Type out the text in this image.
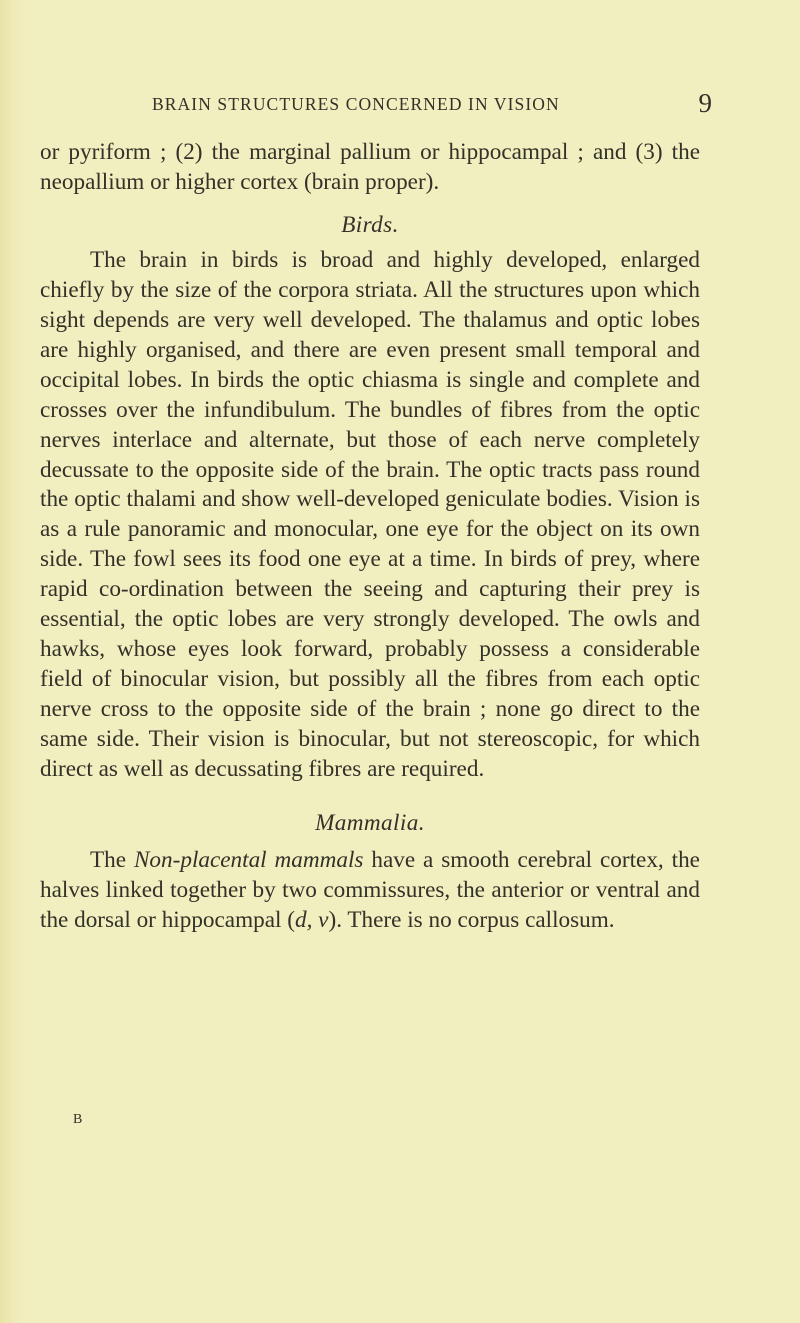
BRAIN STRUCTURES CONCERNED IN VISION	9

or pyriform ; (2) the marginal pallium or hippocampal ; and (3) the neopallium or higher cortex (brain proper).

Birds.

The brain in birds is broad and highly developed, enlarged chiefly by the size of the corpora striata. All the structures upon which sight depends are very well developed. The thalamus and optic lobes are highly organised, and there are even present small temporal and occipital lobes. In birds the optic chiasma is single and complete and crosses over the infundibulum. The bundles of fibres from the optic nerves interlace and alternate, but those of each nerve completely decussate to the opposite side of the brain. The optic tracts pass round the optic thalami and show well-developed geniculate bodies. Vision is as a rule panoramic and monocular, one eye for the object on its own side. The fowl sees its food one eye at a time. In birds of prey, where rapid co-ordination between the seeing and capturing their prey is essential, the optic lobes are very strongly developed. The owls and hawks, whose eyes look forward, probably possess a considerable field of binocular vision, but possibly all the fibres from each optic nerve cross to the opposite side of the brain ; none go direct to the same side. Their vision is binocular, but not stereoscopic, for which direct as well as decussating fibres are required.

Mammalia.

The Non-placental mammals have a smooth cerebral cortex, the halves linked together by two commissures, the anterior or ventral and the dorsal or hippocampal (d, v). There is no corpus callosum.

B
